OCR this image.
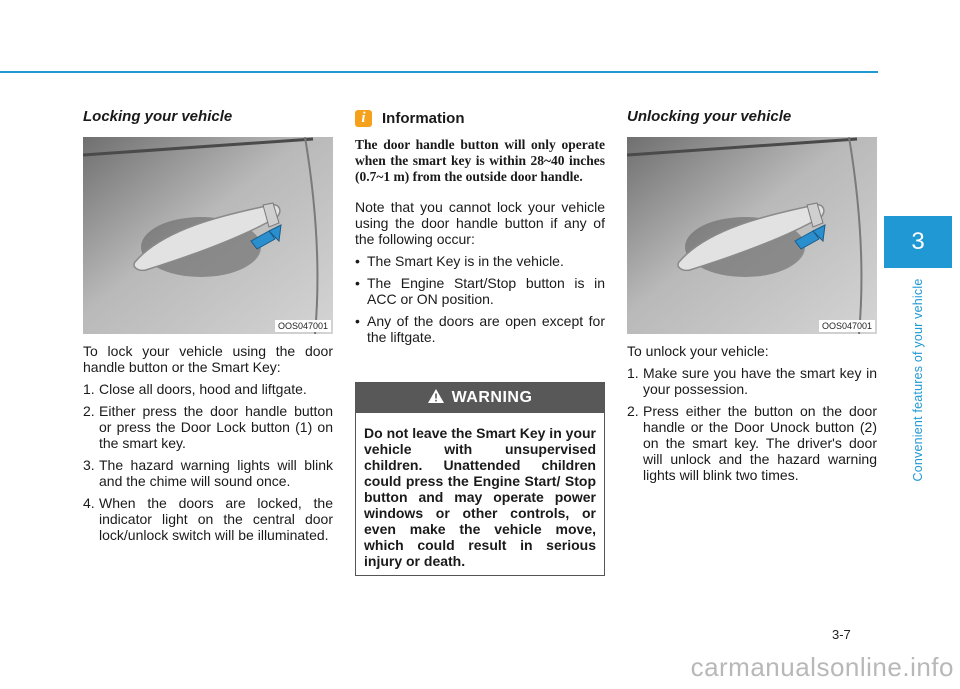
Locking your vehicle
OOS047001

To lock your vehicle using the door handle button or the Smart Key:

1. Close all doors, hood and liftgate.
2. Either press the door handle button or press the Door Lock button (1) on the smart key.
3. The hazard warning lights will blink and the chime will sound once.
4. When the doors are locked, the indicator light on the central door lock/unlock switch will be illuminated.
i	Information

The door handle button will only operate when the smart key is within 28~40 inches (0.7~1 m) from the outside door handle.

Note that you cannot lock your vehicle using the door handle button if any of the following occur:

• The Smart Key is in the vehicle.
• The Engine Start/Stop button is in ACC or ON position.
• Any of the doors are open except for the liftgate.
WARNING
Do not leave the Smart Key in your vehicle with unsupervised children. Unattended children could press the Engine Start/ Stop button and may operate power windows or other controls, or even make the vehicle move, which could result in serious injury or death.
Unlocking your vehicle
OOS047001

To unlock your vehicle:

1. Make sure you have the smart key in your possession.
2. Press either the button on the door handle or the Door Unock button (2) on the smart key. The driver's door will unlock and the hazard warning lights will blink two times.
3
Convenient features of your vehicle
3-7
carmanualsonline.info
